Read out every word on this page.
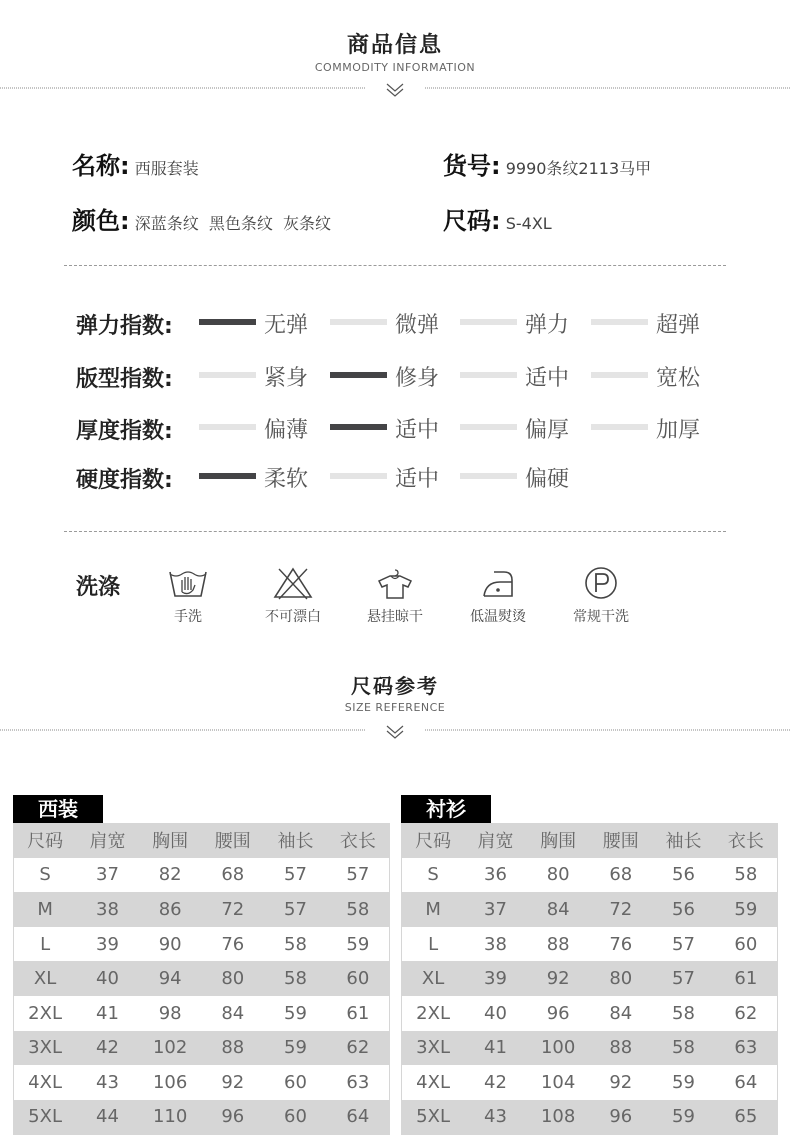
商品信息
COMMODITY INFORMATION
名称: 西服套装	货号: 9990条纹2113马甲
颜色: 深蓝条纹  黑色条纹  灰条纹	尺码: S-4XL
弹力指数:	无弹	微弹	弹力	超弹
版型指数:	紧身	修身	适中	宽松
厚度指数:	偏薄	适中	偏厚	加厚
硬度指数:	柔软	适中	偏硬
洗涤
手洗	不可漂白	悬挂晾干	低温熨烫	常规干洗
尺码参考
SIZE REFERENCE
西装
尺码	肩宽	胸围	腰围	袖长	衣长
S	37	82	68	57	57
M	38	86	72	57	58
L	39	90	76	58	59
XL	40	94	80	58	60
2XL	41	98	84	59	61
3XL	42	102	88	59	62
4XL	43	106	92	60	63
5XL	44	110	96	60	64
衬衫
尺码	肩宽	胸围	腰围	袖长	衣长
S	36	80	68	56	58
M	37	84	72	56	59
L	38	88	76	57	60
XL	39	92	80	57	61
2XL	40	96	84	58	62
3XL	41	100	88	58	63
4XL	42	104	92	59	64
5XL	43	108	96	59	65
